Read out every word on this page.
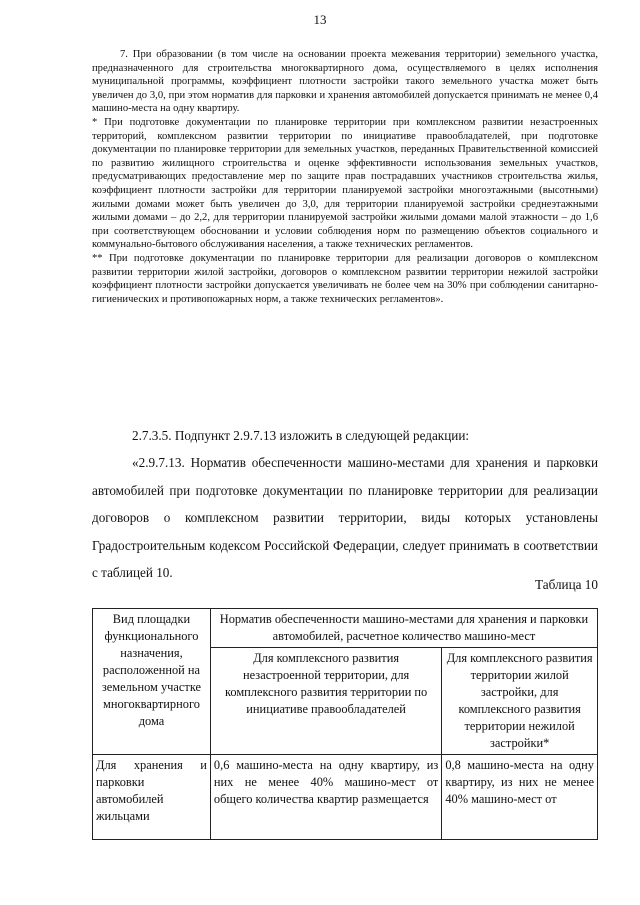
13

7. При образовании (в том числе на основании проекта межевания территории) земельного участка, предназначенного для строительства многоквартирного дома, осуществляемого в целях исполнения муниципальной программы, коэффициент плотности застройки такого земельного участка может быть увеличен до 3,0, при этом норматив для парковки и хранения автомобилей допускается принимать не менее 0,4 машино-места на одну квартиру.

* При подготовке документации по планировке территории при комплексном развитии незастроенных территорий, комплексном развитии территории по инициативе правообладателей, при подготовке документации по планировке территории для земельных участков, переданных Правительственной комиссией по развитию жилищного строительства и оценке эффективности использования земельных участков, предусматривающих предоставление мер по защите прав пострадавших участников строительства жилья, коэффициент плотности застройки для территории планируемой застройки многоэтажными (высотными) жилыми домами может быть увеличен до 3,0, для территории планируемой застройки среднеэтажными жилыми домами – до 2,2, для территории планируемой застройки жилыми домами малой этажности – до 1,6 при соответствующем обосновании и условии соблюдения норм по размещению объектов социального и коммунально-бытового обслуживания населения, а также технических регламентов.

** При подготовке документации по планировке территории для реализации договоров о комплексном развитии территории жилой застройки, договоров о комплексном развитии территории нежилой застройки коэффициент плотности застройки допускается увеличивать не более чем на 30% при соблюдении санитарно-гигиенических и противопожарных норм, а также технических регламентов».

2.7.3.5. Подпункт 2.9.7.13 изложить в следующей редакции:

«2.9.7.13. Норматив обеспеченности машино-местами для хранения и парковки автомобилей при подготовке документации по планировке территории для реализации договоров о комплексном развитии территории, виды которых установлены Градостроительным кодексом Российской Федерации, следует принимать в соответствии с таблицей 10.

Таблица 10
Вид площадки функционального назначения, расположенной на земельном участке многоквартирного дома	Норматив обеспеченности машино-местами для хранения и парковки автомобилей, расчетное количество машино-мест	
	Для комплексного развития незастроенной территории, для комплексного развития территории по инициативе правообладателей	Для комплексного развития территории жилой застройки, для комплексного развития территории нежилой застройки*

Для хранения и парковки автомобилей жильцами	0,6 машино-места на одну квартиру, из них не менее 40% машино-мест от общего количества квартир размещается	0,8 машино-места на одну квартиру, из них не менее 40% машино-мест от
